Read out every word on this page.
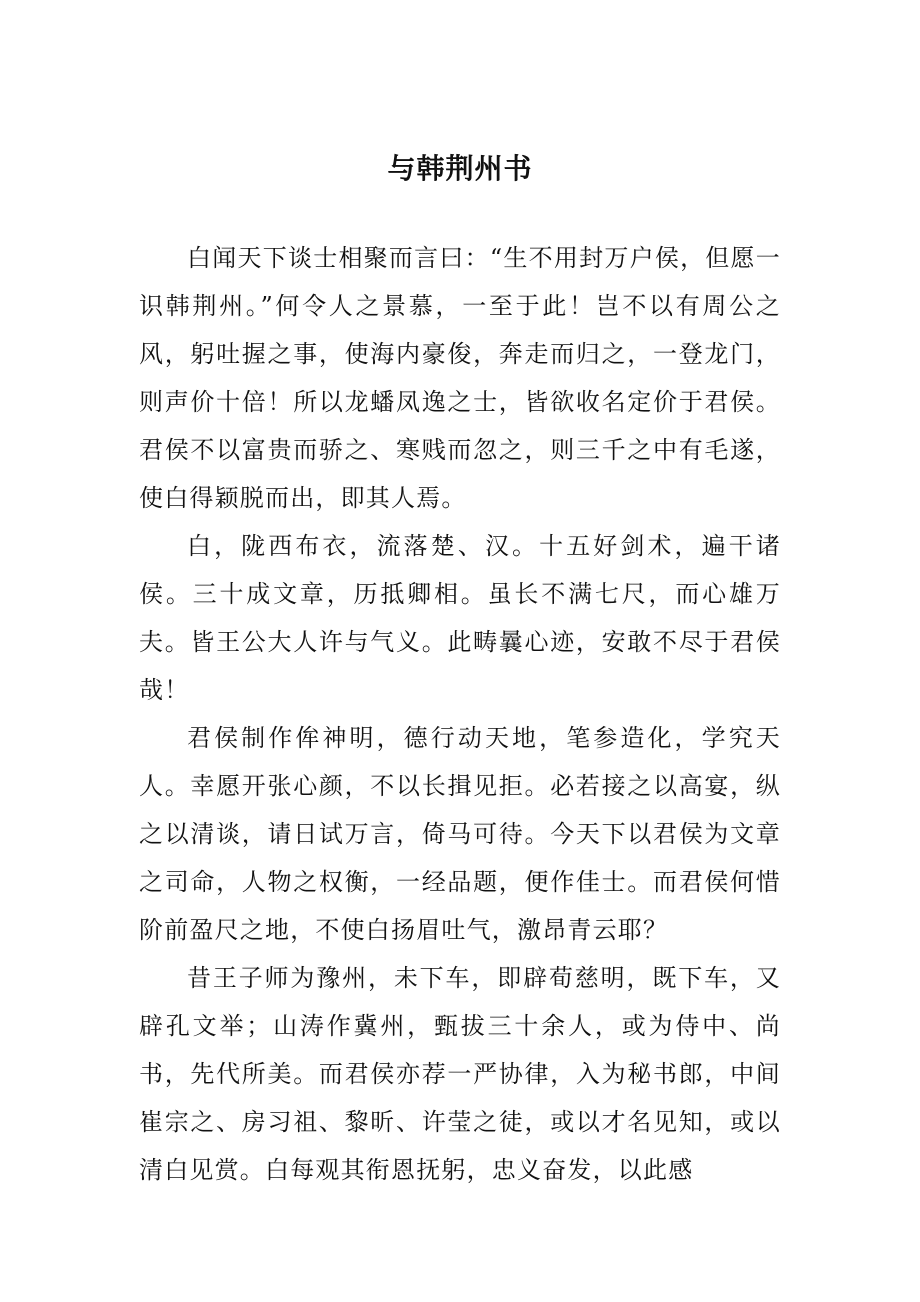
与韩荆州书

白闻天下谈士相聚而言曰：“生不用封万户侯，但愿一识韩荆州。”何令人之景慕，一至于此！岂不以有周公之风，躬吐握之事，使海内豪俊，奔走而归之，一登龙门，则声价十倍！所以龙蟠凤逸之士，皆欲收名定价于君侯。君侯不以富贵而骄之、寒贱而忽之，则三千之中有毛遂，使白得颖脱而出，即其人焉。

白，陇西布衣，流落楚、汉。十五好剑术，遍干诸侯。三十成文章，历抵卿相。虽长不满七尺，而心雄万夫。皆王公大人许与气义。此畴曩心迹，安敢不尽于君侯哉！

君侯制作侔神明，德行动天地，笔参造化，学究天人。幸愿开张心颜，不以长揖见拒。必若接之以高宴，纵之以清谈，请日试万言，倚马可待。今天下以君侯为文章之司命，人物之权衡，一经品题，便作佳士。而君侯何惜阶前盈尺之地，不使白扬眉吐气，激昂青云耶？

昔王子师为豫州，未下车，即辟荀慈明，既下车，又辟孔文举；山涛作冀州，甄拔三十余人，或为侍中、尚书，先代所美。而君侯亦荐一严协律，入为秘书郎，中间崔宗之、房习祖、黎昕、许莹之徒，或以才名见知，或以清白见赏。白每观其衔恩抚躬，忠义奋发，以此感
